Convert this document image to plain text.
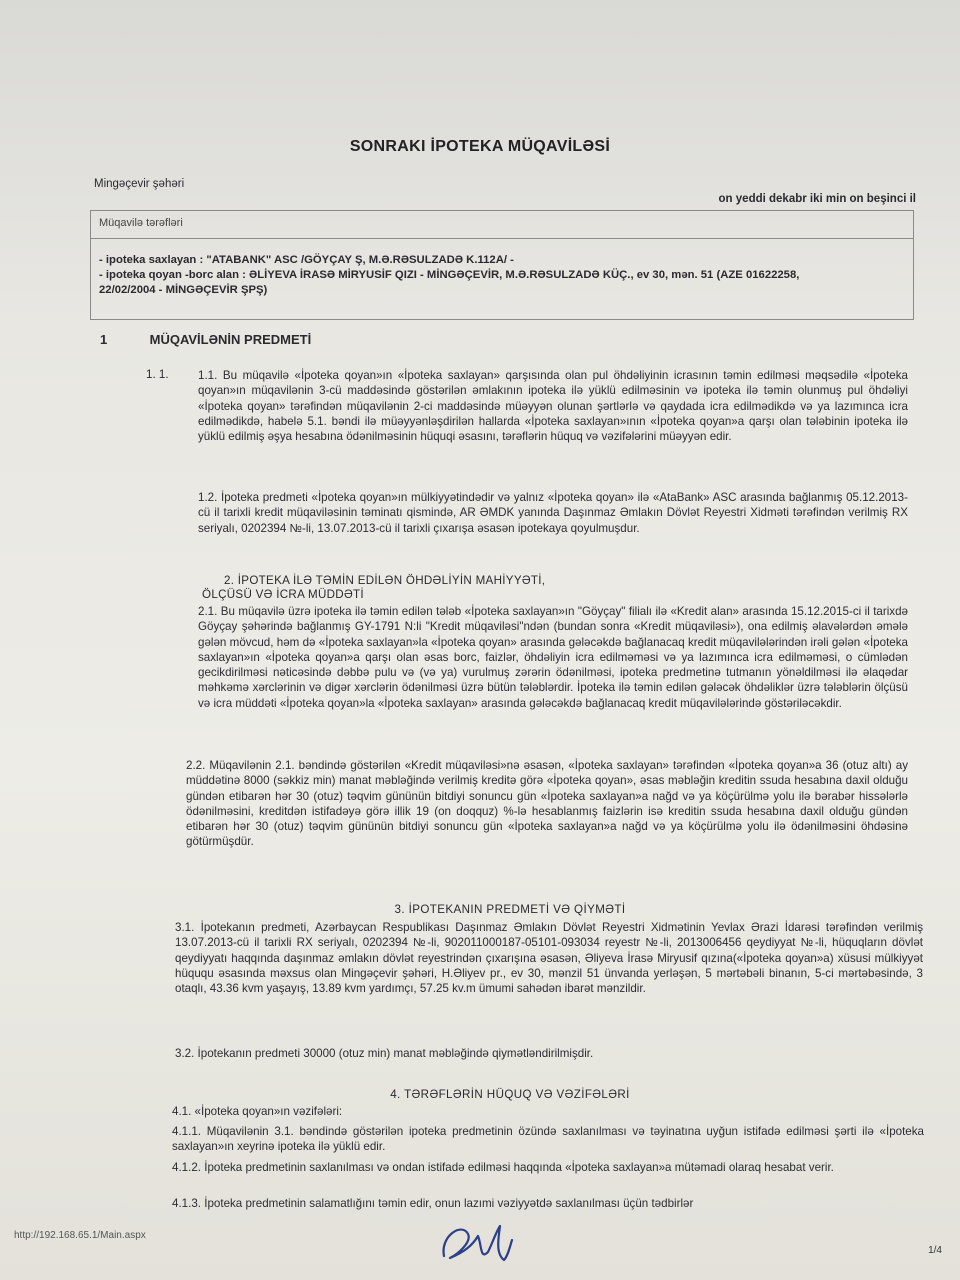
SONRAKI İPOTEKA MÜQAVİLƏSİ
Mingəçevir şəhəri
on yeddi dekabr iki min on beşinci il
Müqavilə tərəfləri
- ipoteka saxlayan : "ATABANK" ASC /GÖYÇAY Ş, M.Ə.RƏSULZADƏ K.112A/ -
- ipoteka qoyan -borc alan : ƏLİYEVA İRASƏ MİRYUSİF QIZI - MİNGƏÇEVİR, M.Ə.RƏSULZADƏ KÜÇ., ev 30, mən. 51 (AZE 01622258,
22/02/2004 - MİNGƏÇEVİR ŞPŞ)
1	MÜQAVİLƏNİN PREDMETİ
1. 1.	1.1. Bu müqavilə «İpoteka qoyan»ın «İpoteka saxlayan» qarşısında olan pul öhdəliyinin icrasının təmin edilməsi məqsədilə «İpoteka qoyan»ın müqavilənin 3-cü maddəsində göstərilən əmlakının ipoteka ilə yüklü edilməsinin və ipoteka ilə təmin olunmuş pul öhdəliyi «İpoteka qoyan» tərəfindən müqavilənin 2-ci maddəsində müəyyən olunan şərtlərlə və qaydada icra edilmədikdə və ya lazımınca icra edilmədikdə, habelə 5.1. bəndi ilə müəyyənləşdirilən hallarda «İpoteka saxlayan»ının «İpoteka qoyan»a qarşı olan tələbinin ipoteka ilə yüklü edilmiş əşya hesabına ödənilməsinin hüquqi əsasını, tərəflərin hüquq və vəzifələrini müəyyən edir.
1.2. İpoteka predmeti «İpoteka qoyan»ın mülkiyyətindədir və yalnız «İpoteka qoyan» ilə «AtaBank» ASC arasında bağlanmış 05.12.2013-cü il tarixli kredit müqaviləsinin təminatı qismində, AR ƏMDK yanında Daşınmaz Əmlakın Dövlət Reyestri Xidməti tərəfindən verilmiş RX seriyalı, 0202394 №-li, 13.07.2013-cü il tarixli çıxarışa əsasən ipotekaya qoyulmuşdur.
2. İPOTEKA İLƏ TƏMİN EDİLƏN ÖHDƏLİYİN MAHİYYƏTİ,
ÖLÇÜSÜ VƏ İCRA MÜDDƏTİ
2.1. Bu müqavilə üzrə ipoteka ilə təmin edilən tələb «İpoteka saxlayan»ın "Göyçay" filialı ilə «Kredit alan» arasında 15.12.2015-ci il tarixdə Göyçay şəhərində bağlanmış GY-1791 N:li "Kredit müqaviləsi"ndən (bundan sonra «Kredit müqaviləsi»), ona edilmiş əlavələrdən əmələ gələn mövcud, həm də «İpoteka saxlayan»la «İpoteka qoyan» arasında gələcəkdə bağlanacaq kredit müqavilələrindən irəli gələn «İpoteka saxlayan»ın «İpoteka qoyan»a qarşı olan əsas borc, faizlər, öhdəliyin icra edilməməsi və ya lazımınca icra edilməməsi, o cümlədən gecikdirilməsi nəticəsində dəbbə pulu və (və ya) vurulmuş zərərin ödənilməsi, ipoteka predmetinə tutmanın yönəldilməsi ilə əlaqədar məhkəmə xərclərinin və digər xərclərin ödənilməsi üzrə bütün tələblərdir. İpoteka ilə təmin edilən gələcək öhdəliklər üzrə tələblərin ölçüsü və icra müddəti «İpoteka qoyan»la «İpoteka saxlayan» arasında gələcəkdə bağlanacaq kredit müqavilələrində göstəriləcəkdir.
2.2. Müqavilənin 2.1. bəndində göstərilən «Kredit müqaviləsi»nə əsasən, «İpoteka saxlayan» tərəfindən «İpoteka qoyan»a 36 (otuz altı) ay müddətinə 8000 (səkkiz min) manat məbləğində verilmiş kreditə görə «İpoteka qoyan», əsas məbləğin kreditin ssuda hesabına daxil olduğu gündən etibarən hər 30 (otuz) təqvim gününün bitdiyi sonuncu gün «İpoteka saxlayan»a nağd və ya köçürülmə yolu ilə bərabər hissələrlə ödənilməsini, kreditdən istifadəyə görə illik 19 (on doqquz) %-lə hesablanmış faizlərin isə kreditin ssuda hesabına daxil olduğu gündən etibarən hər 30 (otuz) təqvim gününün bitdiyi sonuncu gün «İpoteka saxlayan»a nağd və ya köçürülmə yolu ilə ödənilməsini öhdəsinə götürmüşdür.
3. İPOTEKANIN PREDMETİ VƏ QİYMƏTİ
3.1. İpotekanın predmeti, Azərbaycan Respublikası Daşınmaz Əmlakın Dövlət Reyestri Xidmətinin Yevlax Ərazi İdarəsi tərəfindən verilmiş 13.07.2013-cü il tarixli RX seriyalı, 0202394 №-li, 902011000187-05101-093034 reyestr №-li, 2013006456 qeydiyyat №-li, hüquqların dövlət qeydiyyatı haqqında daşınmaz əmlakın dövlət reyestrindən çıxarışına əsasən, Əliyeva İrasə Miryusif qızına(«İpoteka qoyan»a) xüsusi mülkiyyət hüququ əsasında məxsus olan Mingəçevir şəhəri, H.Əliyev pr., ev 30, mənzil 51 ünvanda yerləşən, 5 mərtəbəli binanın, 5-ci mərtəbəsində, 3 otaqlı, 43.36 kvm yaşayış, 13.89 kvm yardımçı, 57.25 kv.m ümumi sahədən ibarət mənzildir.
3.2. İpotekanın predmeti 30000 (otuz min) manat məbləğində qiymətləndirilmişdir.
4. TƏRƏFLƏRİN HÜQUQ VƏ VƏZİFƏLƏRİ
4.1. «İpoteka qoyan»ın vəzifələri:
4.1.1. Müqavilənin 3.1. bəndində göstərilən ipoteka predmetinin özündə saxlanılması və təyinatına uyğun istifadə edilməsi şərti ilə «İpoteka saxlayan»ın xeyrinə ipoteka ilə yüklü edir.
4.1.2. İpoteka predmetinin saxlanılması və ondan istifadə edilməsi haqqında «İpoteka saxlayan»a mütəmadi olaraq hesabat verir.
4.1.3. İpoteka predmetinin salamatlığını təmin edir, onun lazımi vəziyyətdə saxlanılması üçün tədbirlər
http://192.168.65.1/Main.aspx
1/4
